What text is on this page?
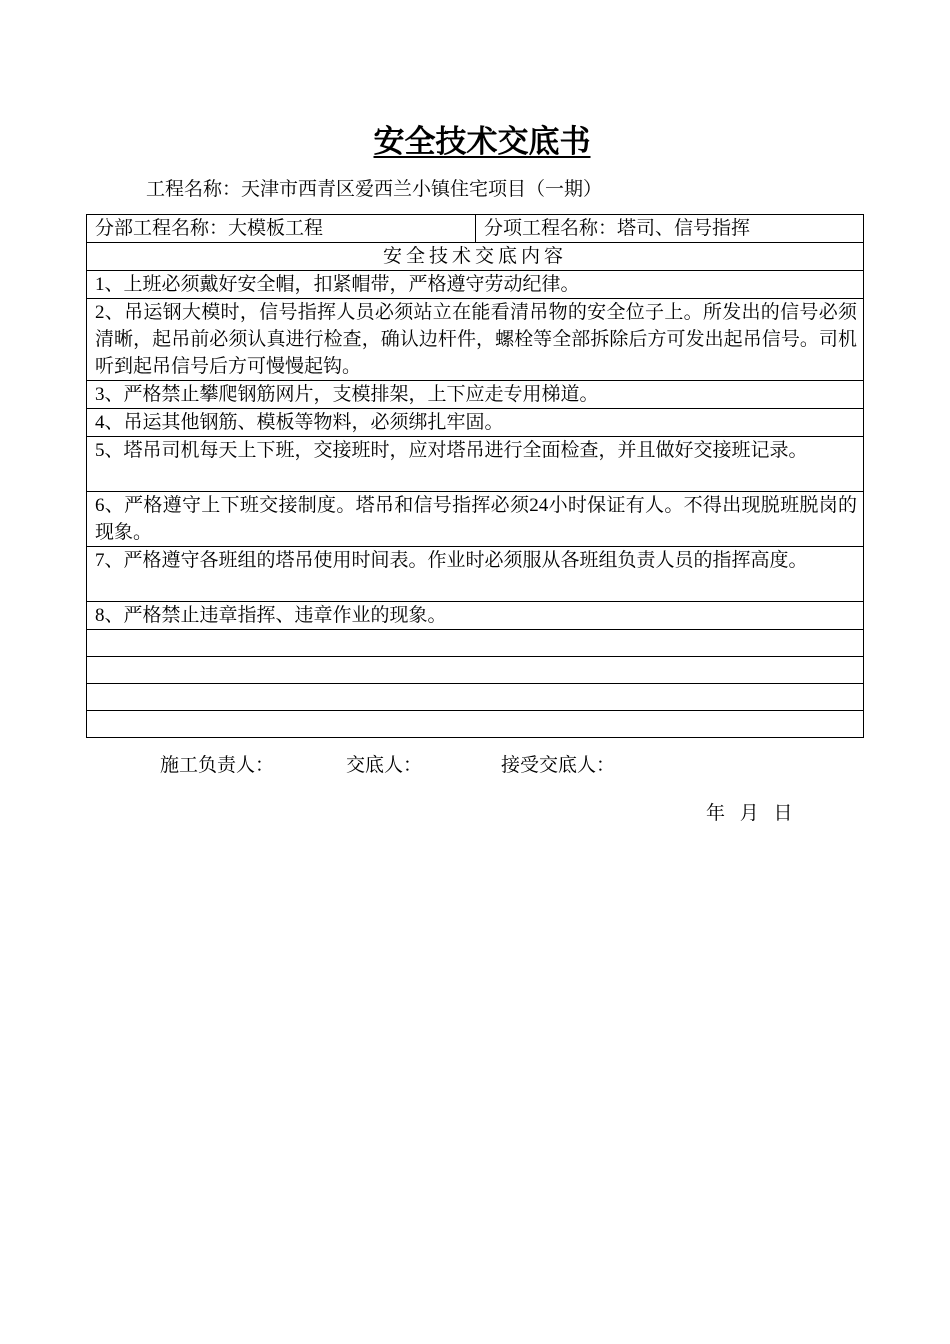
安全技术交底书
工程名称：天津市西青区爱西兰小镇住宅项目（一期）
分部工程名称：大模板工程	分项工程名称：塔司、信号指挥
安全技术交底内容
1、上班必须戴好安全帽，扣紧帽带，严格遵守劳动纪律。
2、吊运钢大模时，信号指挥人员必须站立在能看清吊物的安全位子上。所发出的信号必须清晰，起吊前必须认真进行检查，确认边杆件，螺栓等全部拆除后方可发出起吊信号。司机听到起吊信号后方可慢慢起钩。
3、严格禁止攀爬钢筋网片，支模排架，上下应走专用梯道。
4、吊运其他钢筋、模板等物料，必须绑扎牢固。
5、塔吊司机每天上下班，交接班时，应对塔吊进行全面检查，并且做好交接班记录。
6、严格遵守上下班交接制度。塔吊和信号指挥必须24小时保证有人。不得出现脱班脱岗的现象。
7、严格遵守各班组的塔吊使用时间表。作业时必须服从各班组负责人员的指挥高度。
8、严格禁止违章指挥、违章作业的现象。

施工负责人：	交底人：	接受交底人：
年 月 日
